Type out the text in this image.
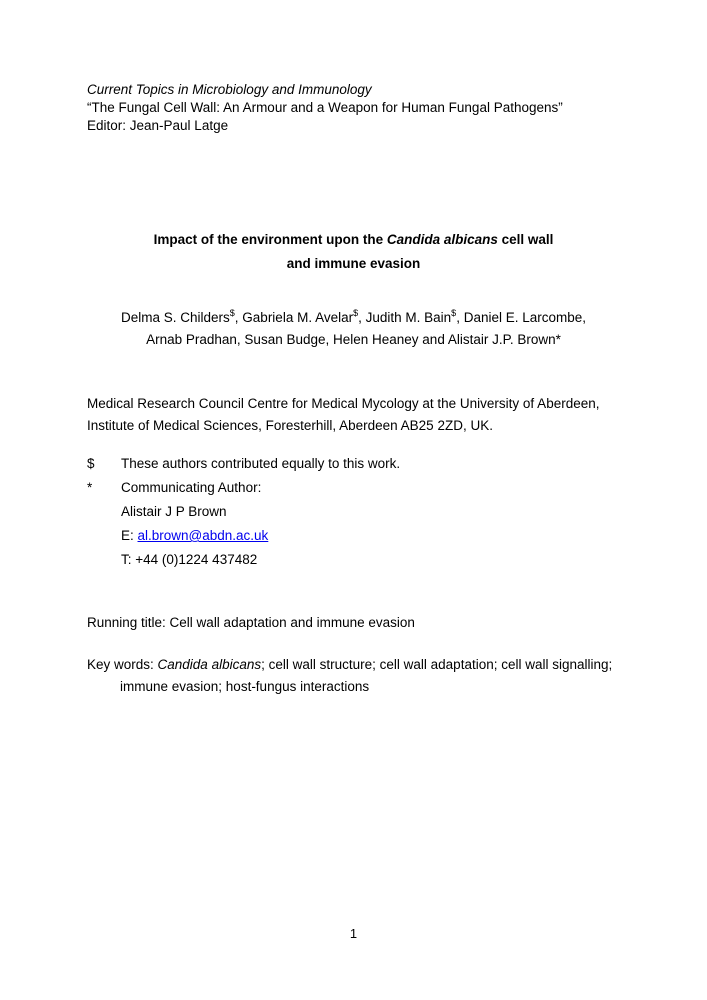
Current Topics in Microbiology and Immunology
“The Fungal Cell Wall: An Armour and a Weapon for Human Fungal Pathogens”
Editor: Jean-Paul Latge
Impact of the environment upon the Candida albicans cell wall
and immune evasion
Delma S. Childers$, Gabriela M. Avelar$, Judith M. Bain$, Daniel E. Larcombe,
Arnab Pradhan, Susan Budge, Helen Heaney and Alistair J.P. Brown*
Medical Research Council Centre for Medical Mycology at the University of Aberdeen,
Institute of Medical Sciences, Foresterhill, Aberdeen AB25 2ZD, UK.
$	These authors contributed equally to this work.
*	Communicating Author:
Alistair J P Brown
E: al.brown@abdn.ac.uk
T: +44 (0)1224 437482
Running title: Cell wall adaptation and immune evasion
Key words: Candida albicans; cell wall structure; cell wall adaptation; cell wall signalling;
immune evasion; host-fungus interactions
1
